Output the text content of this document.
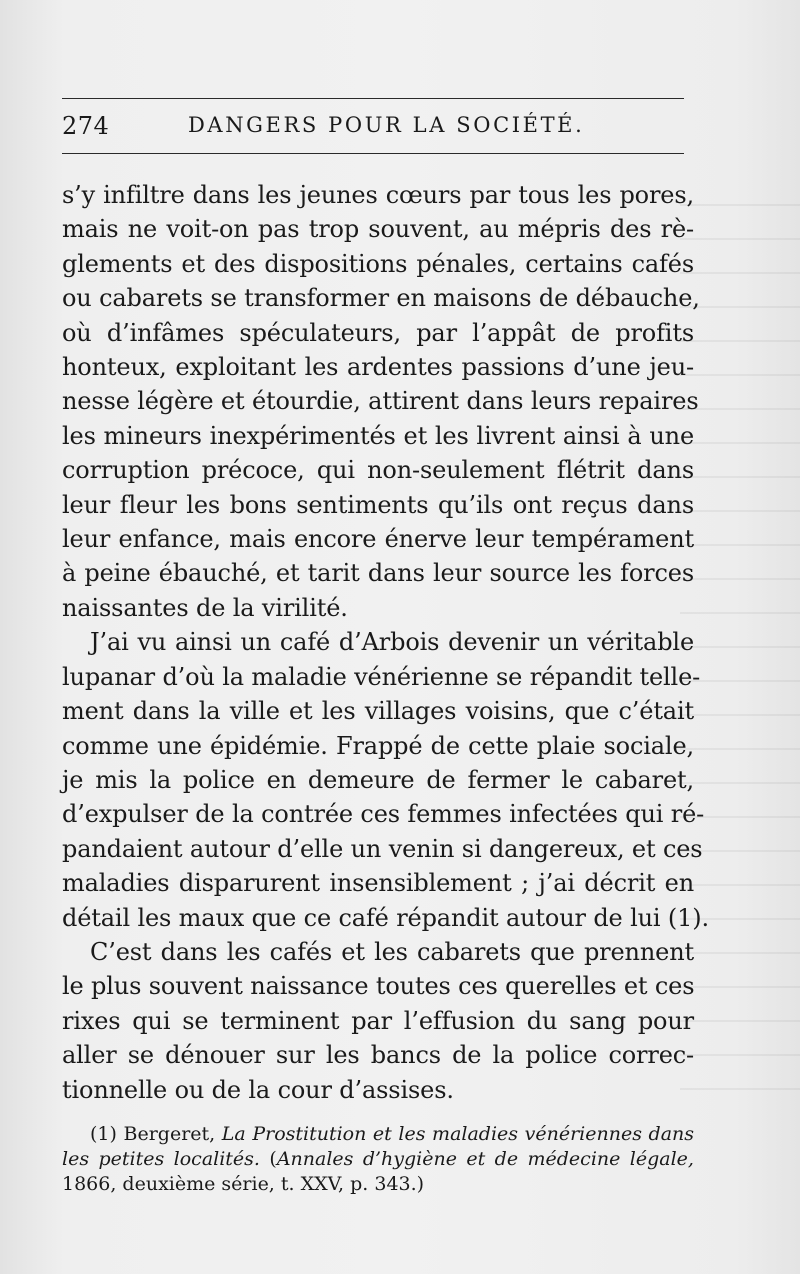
274	DANGERS POUR LA SOCIÉTÉ.

s’y infiltre dans les jeunes cœurs par tous les pores,
mais ne voit-on pas trop souvent, au mépris des rè-
glements et des dispositions pénales, certains cafés
ou cabarets se transformer en maisons de débauche,
où d’infâmes spéculateurs, par l’appât de profits
honteux, exploitant les ardentes passions d’une jeu-
nesse légère et étourdie, attirent dans leurs repaires
les mineurs inexpérimentés et les livrent ainsi à une
corruption précoce, qui non-seulement flétrit dans
leur fleur les bons sentiments qu’ils ont reçus dans
leur enfance, mais encore énerve leur tempérament
à peine ébauché, et tarit dans leur source les forces
naissantes de la virilité.

J’ai vu ainsi un café d’Arbois devenir un véritable
lupanar d’où la maladie vénérienne se répandit telle-
ment dans la ville et les villages voisins, que c’était
comme une épidémie. Frappé de cette plaie sociale,
je mis la police en demeure de fermer le cabaret,
d’expulser de la contrée ces femmes infectées qui ré-
pandaient autour d’elle un venin si dangereux, et ces
maladies disparurent insensiblement ; j’ai décrit en
détail les maux que ce café répandit autour de lui (1).

C’est dans les cafés et les cabarets que prennent
le plus souvent naissance toutes ces querelles et ces
rixes qui se terminent par l’effusion du sang pour
aller se dénouer sur les bancs de la police correc-
tionnelle ou de la cour d’assises.

(1) Bergeret, La Prostitution et les maladies vénériennes dans
les petites localités. (Annales d’hygiène et de médecine légale,
1866, deuxième série, t. XXV, p. 343.)
